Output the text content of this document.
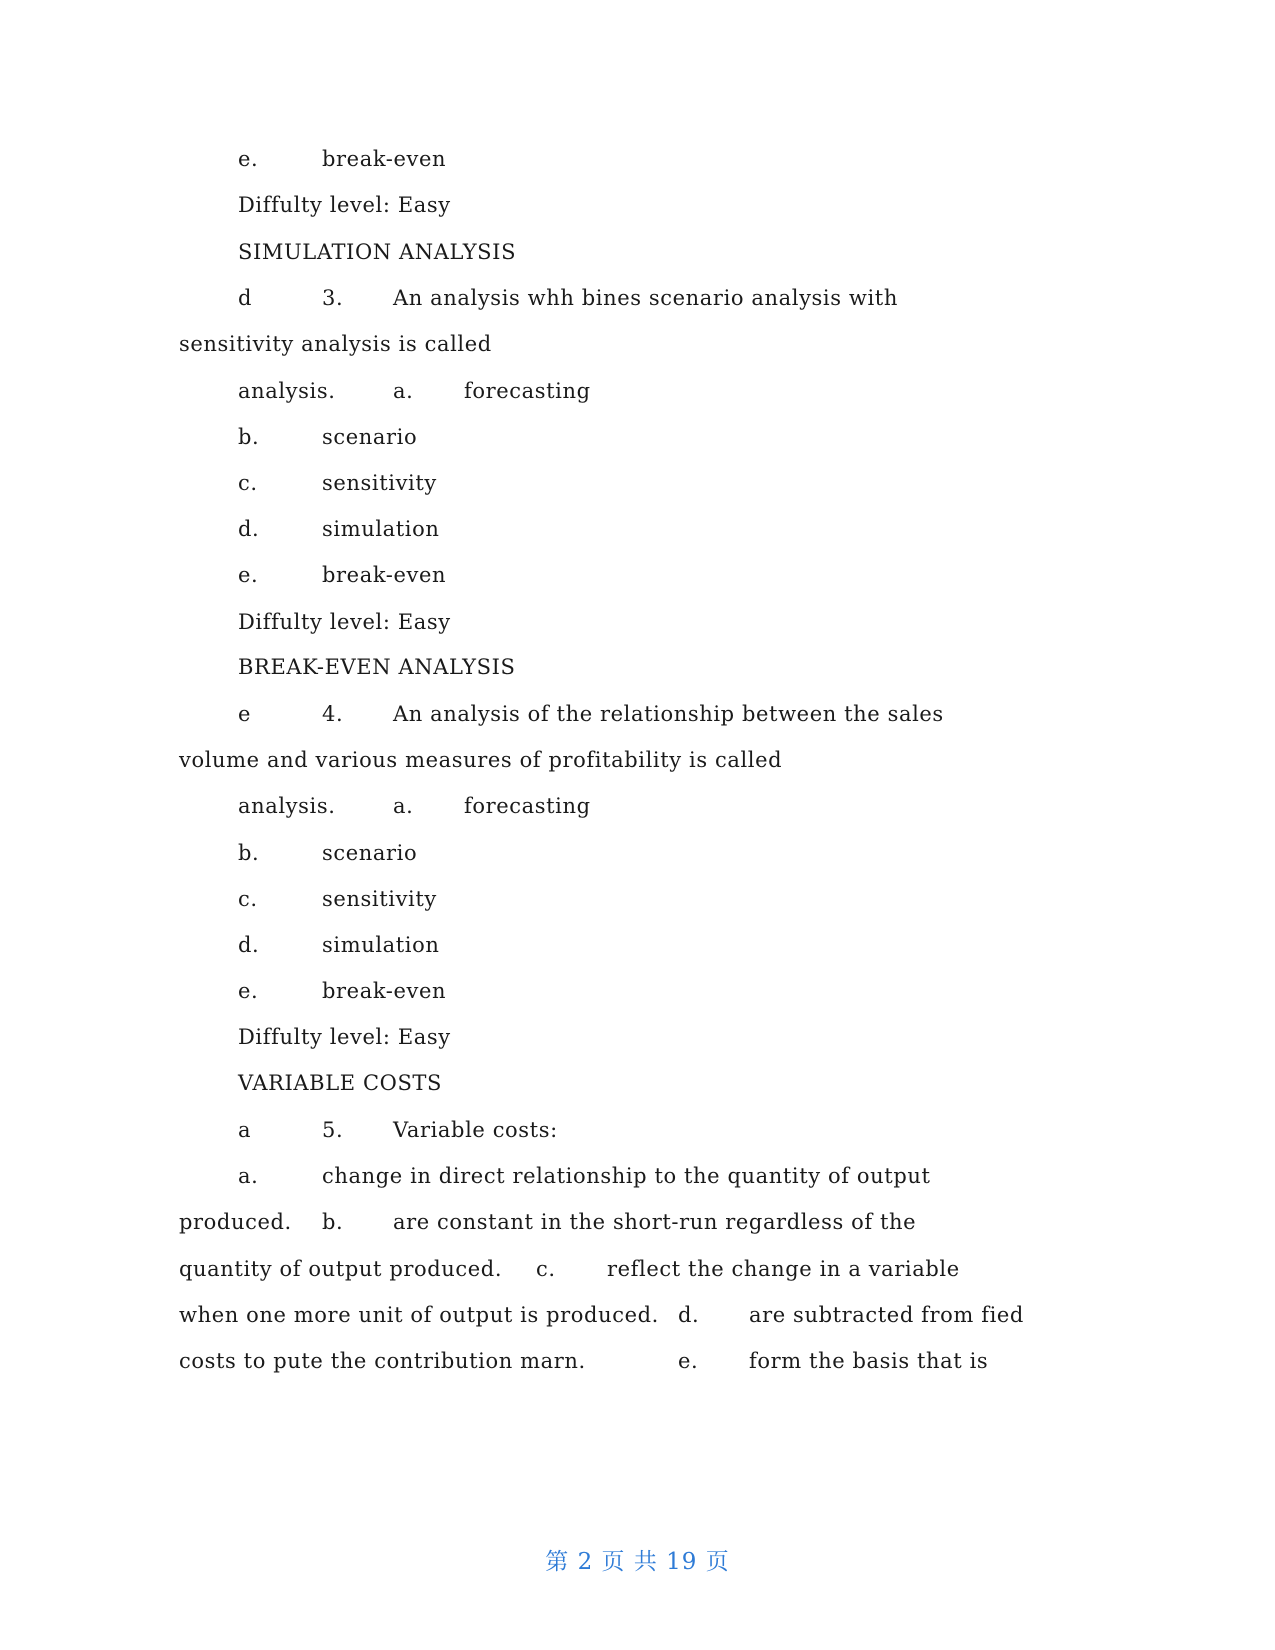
e.	break-even
Diffulty level: Easy
SIMULATION ANALYSIS
d	3. An analysis whh bines scenario analysis with
sensitivity analysis is called
analysis.	a. forecasting
b.	scenario
c.	sensitivity
d.	simulation
e.	break-even
Diffulty level: Easy
BREAK-EVEN ANALYSIS
e	4. An analysis of the relationship between the sales
volume and various measures of profitability is called
analysis.	a. forecasting
b.	scenario
c.	sensitivity
d.	simulation
e.	break-even
Diffulty level: Easy
VARIABLE COSTS
a	5. Variable costs:
a.	change in direct relationship to the quantity of output
produced. b. are constant in the short-run regardless of the
quantity of output produced. c. reflect the change in a variable
when one more unit of output is produced. d. are subtracted from fied
costs to pute the contribution marn.	e. form the basis that is
第 2 页 共 19 页
